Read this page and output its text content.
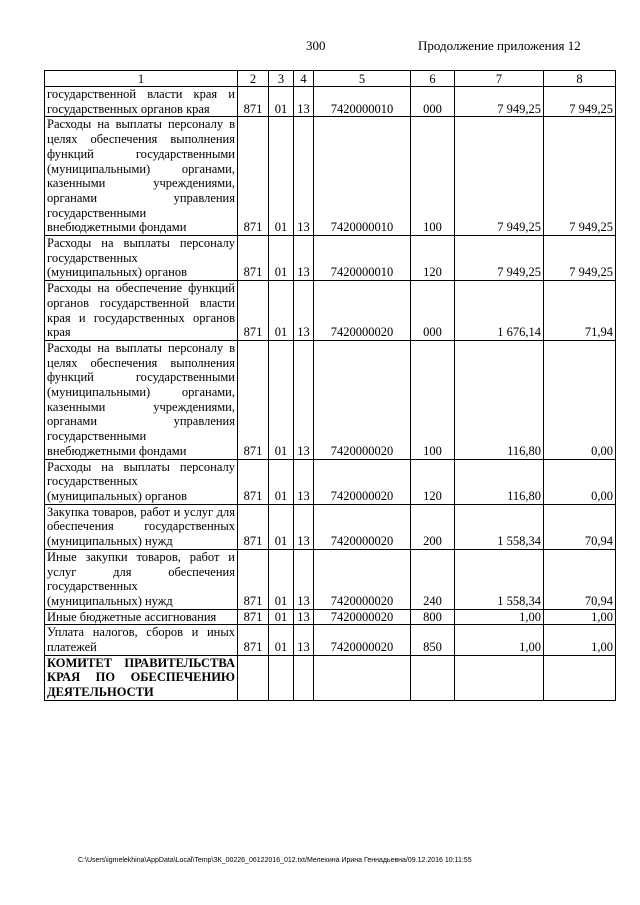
300	Продолжение приложения 12
1	2	3	4	5	6	7	8
государственной власти края и государственных органов края	871	01	13	7420000010	000	7 949,25	7 949,25
Расходы на выплаты персоналу в целях обеспечения выполнения функций государственными (муниципальными) органами, казенными учреждениями, органами управления государственными внебюджетными фондами	871	01	13	7420000010	100	7 949,25	7 949,25
Расходы на выплаты персоналу государственных (муниципальных) органов	871	01	13	7420000010	120	7 949,25	7 949,25
Расходы на обеспечение функций органов государственной власти края и государственных органов края	871	01	13	7420000020	000	1 676,14	71,94
Расходы на выплаты персоналу в целях обеспечения выполнения функций государственными (муниципальными) органами, казенными учреждениями, органами управления государственными внебюджетными фондами	871	01	13	7420000020	100	116,80	0,00
Расходы на выплаты персоналу государственных (муниципальных) органов	871	01	13	7420000020	120	116,80	0,00
Закупка товаров, работ и услуг для обеспечения государственных (муниципальных) нужд	871	01	13	7420000020	200	1 558,34	70,94
Иные закупки товаров, работ и услуг для обеспечения государственных (муниципальных) нужд	871	01	13	7420000020	240	1 558,34	70,94
Иные бюджетные ассигнования	871	01	13	7420000020	800	1,00	1,00
Уплата налогов, сборов и иных платежей	871	01	13	7420000020	850	1,00	1,00
КОМИТЕТ ПРАВИТЕЛЬСТВА КРАЯ ПО ОБЕСПЕЧЕНИЮ ДЕЯТЕЛЬНОСТИ							
C:\Users\igmelekhina\AppData\Local\Temp\ЗК_00226_06122016_012.txt/Мелехина Ирина Геннадьевна/09.12.2016 10:11:55
